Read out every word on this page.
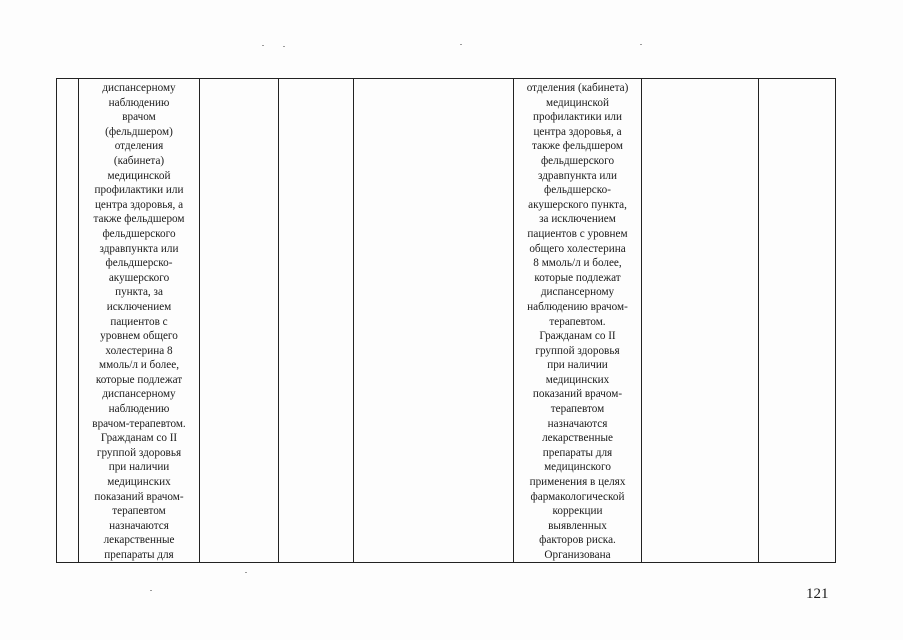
диспансерному
наблюдению
врачом
(фельдшером)
отделения
(кабинета)
медицинской
профилактики или
центра здоровья, а
также фельдшером
фельдшерского
здравпункта или
фельдшерско-
акушерского
пункта, за
исключением
пациентов с
уровнем общего
холестерина 8
ммоль/л и более,
которые подлежат
диспансерному
наблюдению
врачом-терапевтом.
Гражданам со II
группой здоровья
при наличии
медицинских
показаний врачом-
терапевтом
назначаются
лекарственные
препараты для
отделения (кабинета)
медицинской
профилактики или
центра здоровья, а
также фельдшером
фельдшерского
здравпункта или
фельдшерско-
акушерского пункта,
за исключением
пациентов с уровнем
общего холестерина
8 ммоль/л и более,
которые подлежат
диспансерному
наблюдению врачом-
терапевтом.
Гражданам со II
группой здоровья
при наличии
медицинских
показаний врачом-
терапевтом
назначаются
лекарственные
препараты для
медицинского
применения в целях
фармакологической
коррекции
выявленных
факторов риска.
Организована
121
